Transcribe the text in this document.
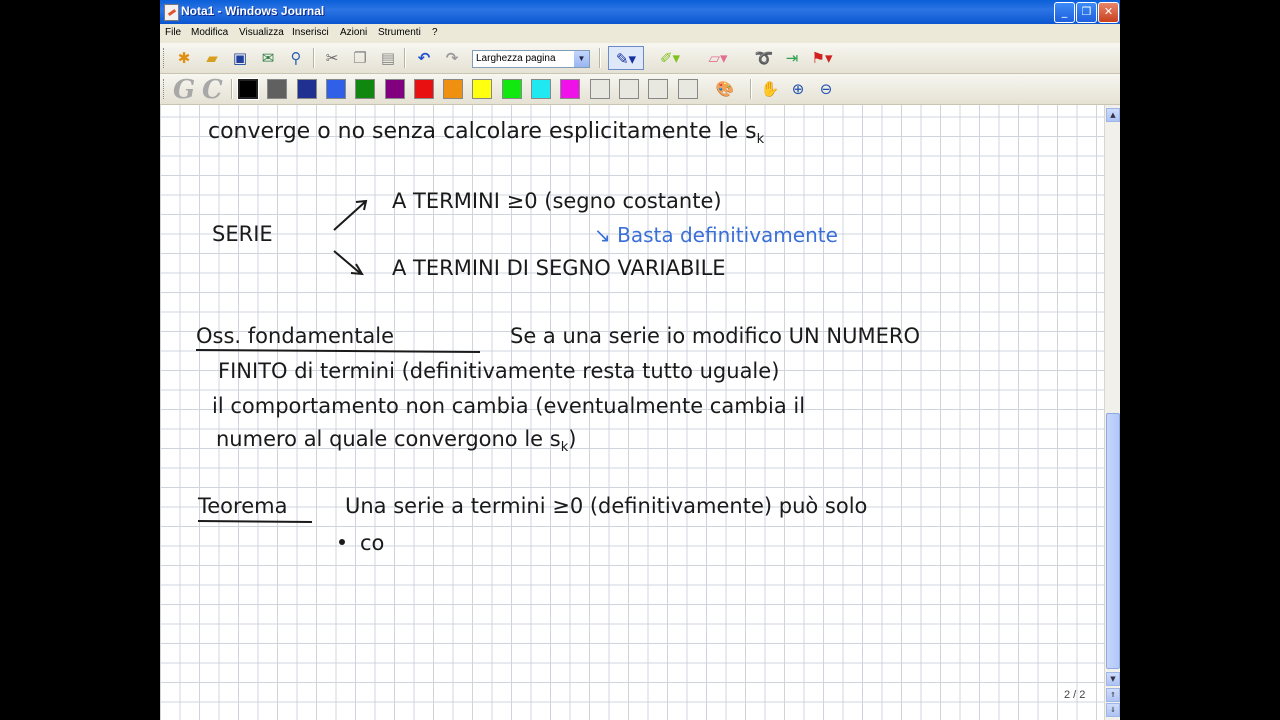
Nota1 - Windows Journal	_	❐	✕
File Modifica Visualizza Inserisci Azioni Strumenti ?
✱	▰	▣ ✉	⚲	✂ ❐ ▤	↶	↷	Larghezza pagina	▼	✎▾	✐▾ ▱▾ ➰ ⇥ ⚑▾
G C	🎨 ✋ ⊕	⊖
converge o no senza calcolare esplicitamente le $s_k$
SERIE
A TERMINI ≥0 (segno costante)
↘ Basta definitivamente
A TERMINI DI SEGNO VARIABILE
Oss. fondamentale	Se a una serie io modifico UN NUMERO
FINITO di termini (definitivamente resta tutto uguale)
il comportamento non cambia (eventualmente cambia il
numero al quale convergono le $s_k$)
Teorema	Una serie a termini ≥0 (definitivamente) può solo
co
▲
▼
⇑
⇓
2 / 2
